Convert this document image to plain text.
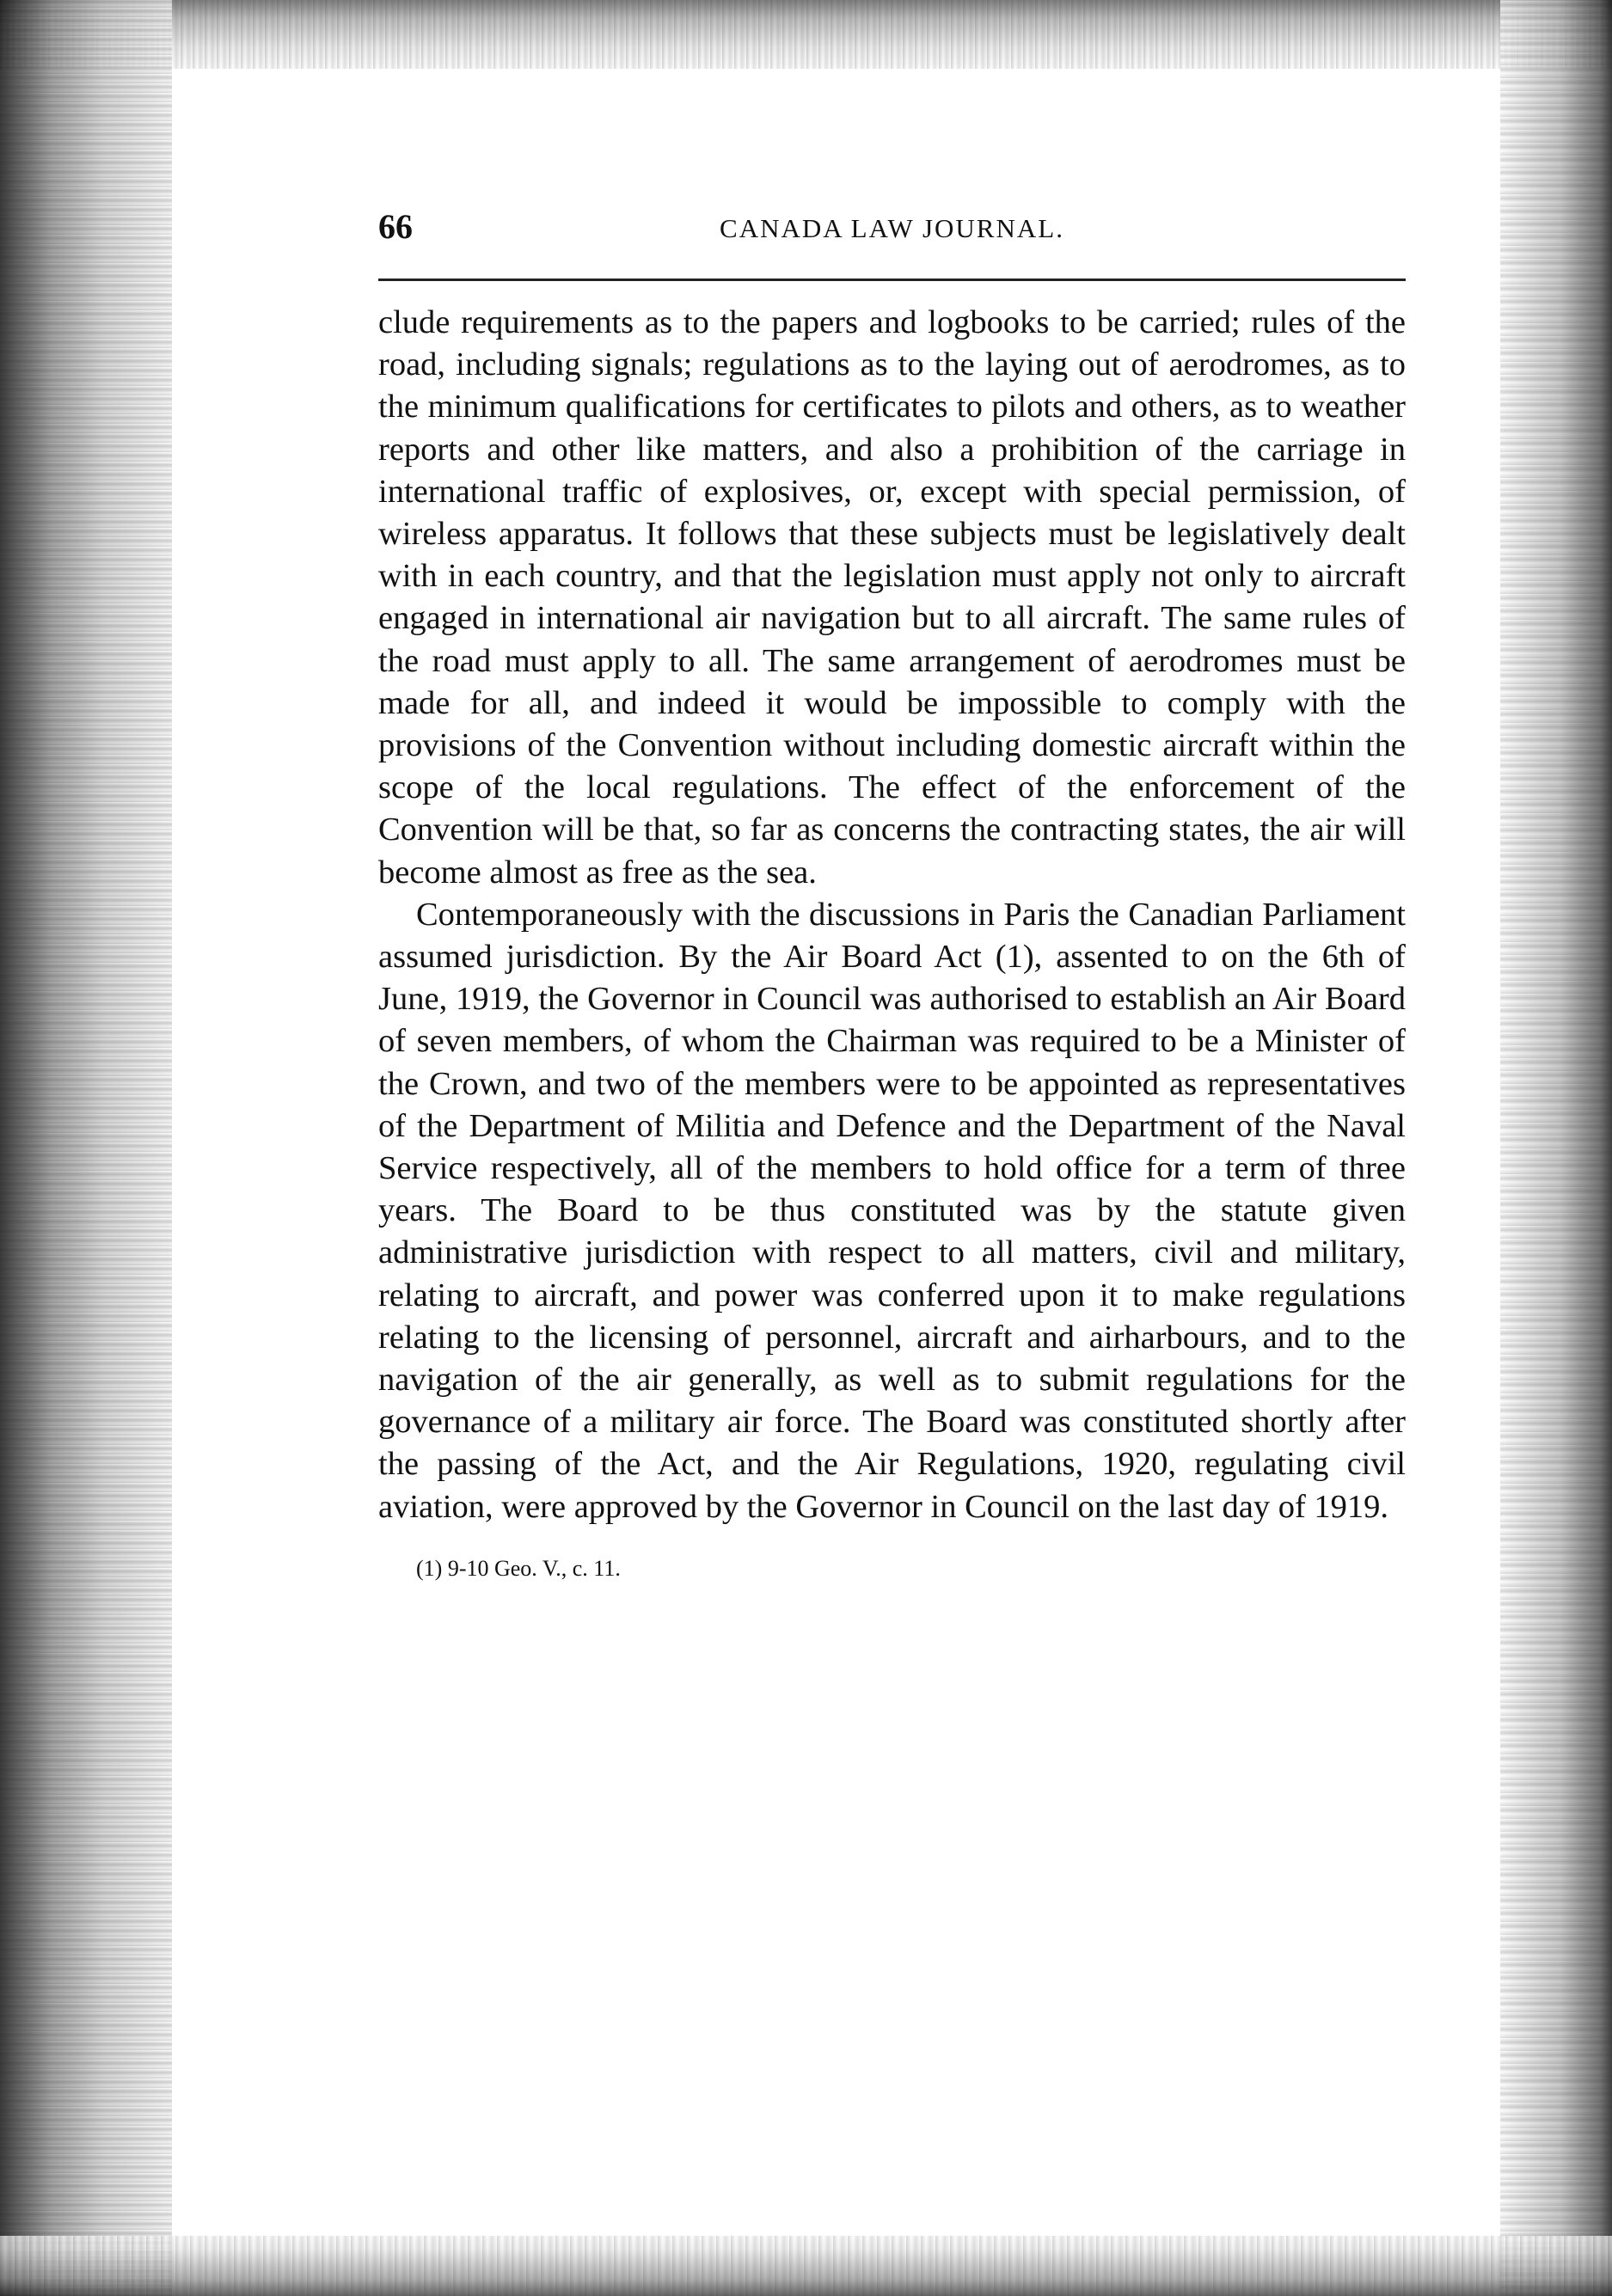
66	CANADA LAW JOURNAL.

clude requirements as to the papers and logbooks to be carried; rules of the road, including signals; regulations as to the laying out of aerodromes, as to the minimum qualifications for certificates to pilots and others, as to weather reports and other like matters, and also a prohibition of the carriage in international traffic of explosives, or, except with special permission, of wireless apparatus. It follows that these subjects must be legislatively dealt with in each country, and that the legislation must apply not only to aircraft engaged in international air navigation but to all aircraft. The same rules of the road must apply to all. The same arrangement of aerodromes must be made for all, and indeed it would be impossible to comply with the provisions of the Convention without including domestic aircraft within the scope of the local regulations. The effect of the enforcement of the Convention will be that, so far as concerns the contracting states, the air will become almost as free as the sea.

Contemporaneously with the discussions in Paris the Canadian Parliament assumed jurisdiction. By the Air Board Act (1), assented to on the 6th of June, 1919, the Governor in Council was authorised to establish an Air Board of seven members, of whom the Chairman was required to be a Minister of the Crown, and two of the members were to be appointed as representatives of the Department of Militia and Defence and the Department of the Naval Service respectively, all of the members to hold office for a term of three years. The Board to be thus constituted was by the statute given administrative jurisdiction with respect to all matters, civil and military, relating to aircraft, and power was conferred upon it to make regulations relating to the licensing of personnel, aircraft and airharbours, and to the navigation of the air generally, as well as to submit regulations for the governance of a military air force. The Board was constituted shortly after the passing of the Act, and the Air Regulations, 1920, regulating civil aviation, were approved by the Governor in Council on the last day of 1919.

(1) 9-10 Geo. V., c. 11.
